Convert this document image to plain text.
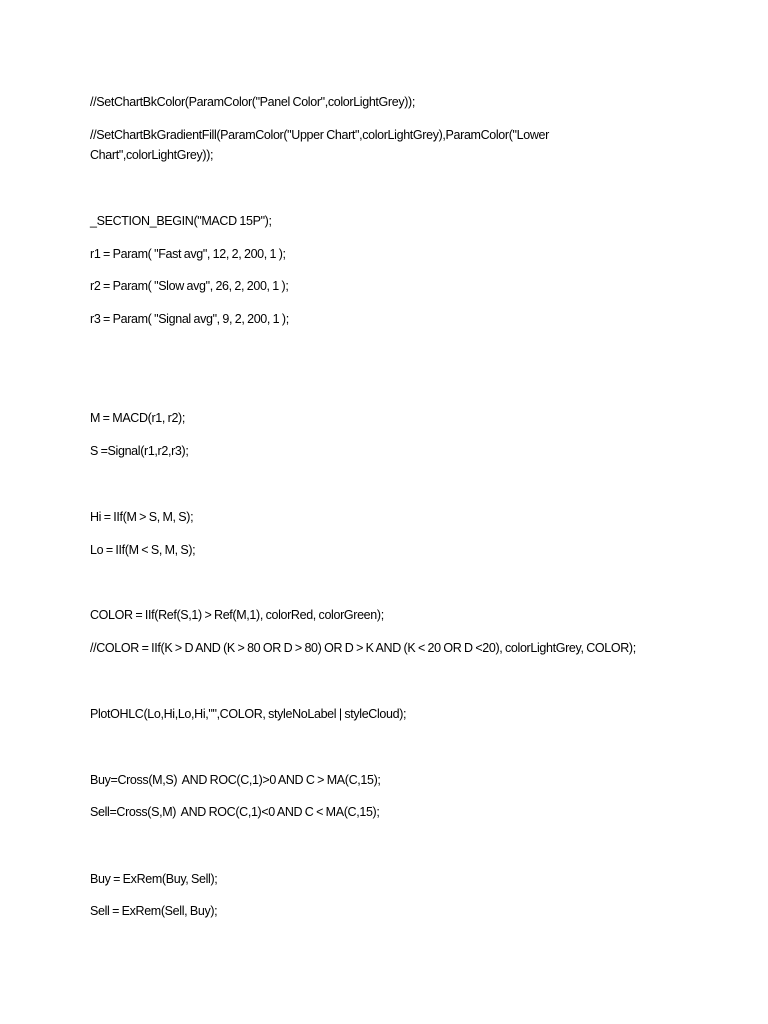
//SetChartBkColor(ParamColor("Panel Color",colorLightGrey));
//SetChartBkGradientFill(ParamColor("Upper Chart",colorLightGrey),ParamColor("Lower
Chart",colorLightGrey));
_SECTION_BEGIN("MACD 15P");
r1 = Param( "Fast avg", 12, 2, 200, 1 );
r2 = Param( "Slow avg", 26, 2, 200, 1 );
r3 = Param( "Signal avg", 9, 2, 200, 1 );
M = MACD(r1, r2);
S =Signal(r1,r2,r3);
Hi = IIf(M > S, M, S);
Lo = IIf(M < S, M, S);
COLOR = IIf(Ref(S,1) > Ref(M,1), colorRed, colorGreen);
//COLOR = IIf(K > D AND (K > 80 OR D > 80) OR D > K AND (K < 20 OR D <20), colorLightGrey, COLOR);
PlotOHLC(Lo,Hi,Lo,Hi,"",COLOR, styleNoLabel | styleCloud);
Buy=Cross(M,S)  AND ROC(C,1)>0 AND C > MA(C,15);
Sell=Cross(S,M)  AND ROC(C,1)<0 AND C < MA(C,15);
Buy = ExRem(Buy, Sell);
Sell = ExRem(Sell, Buy);
